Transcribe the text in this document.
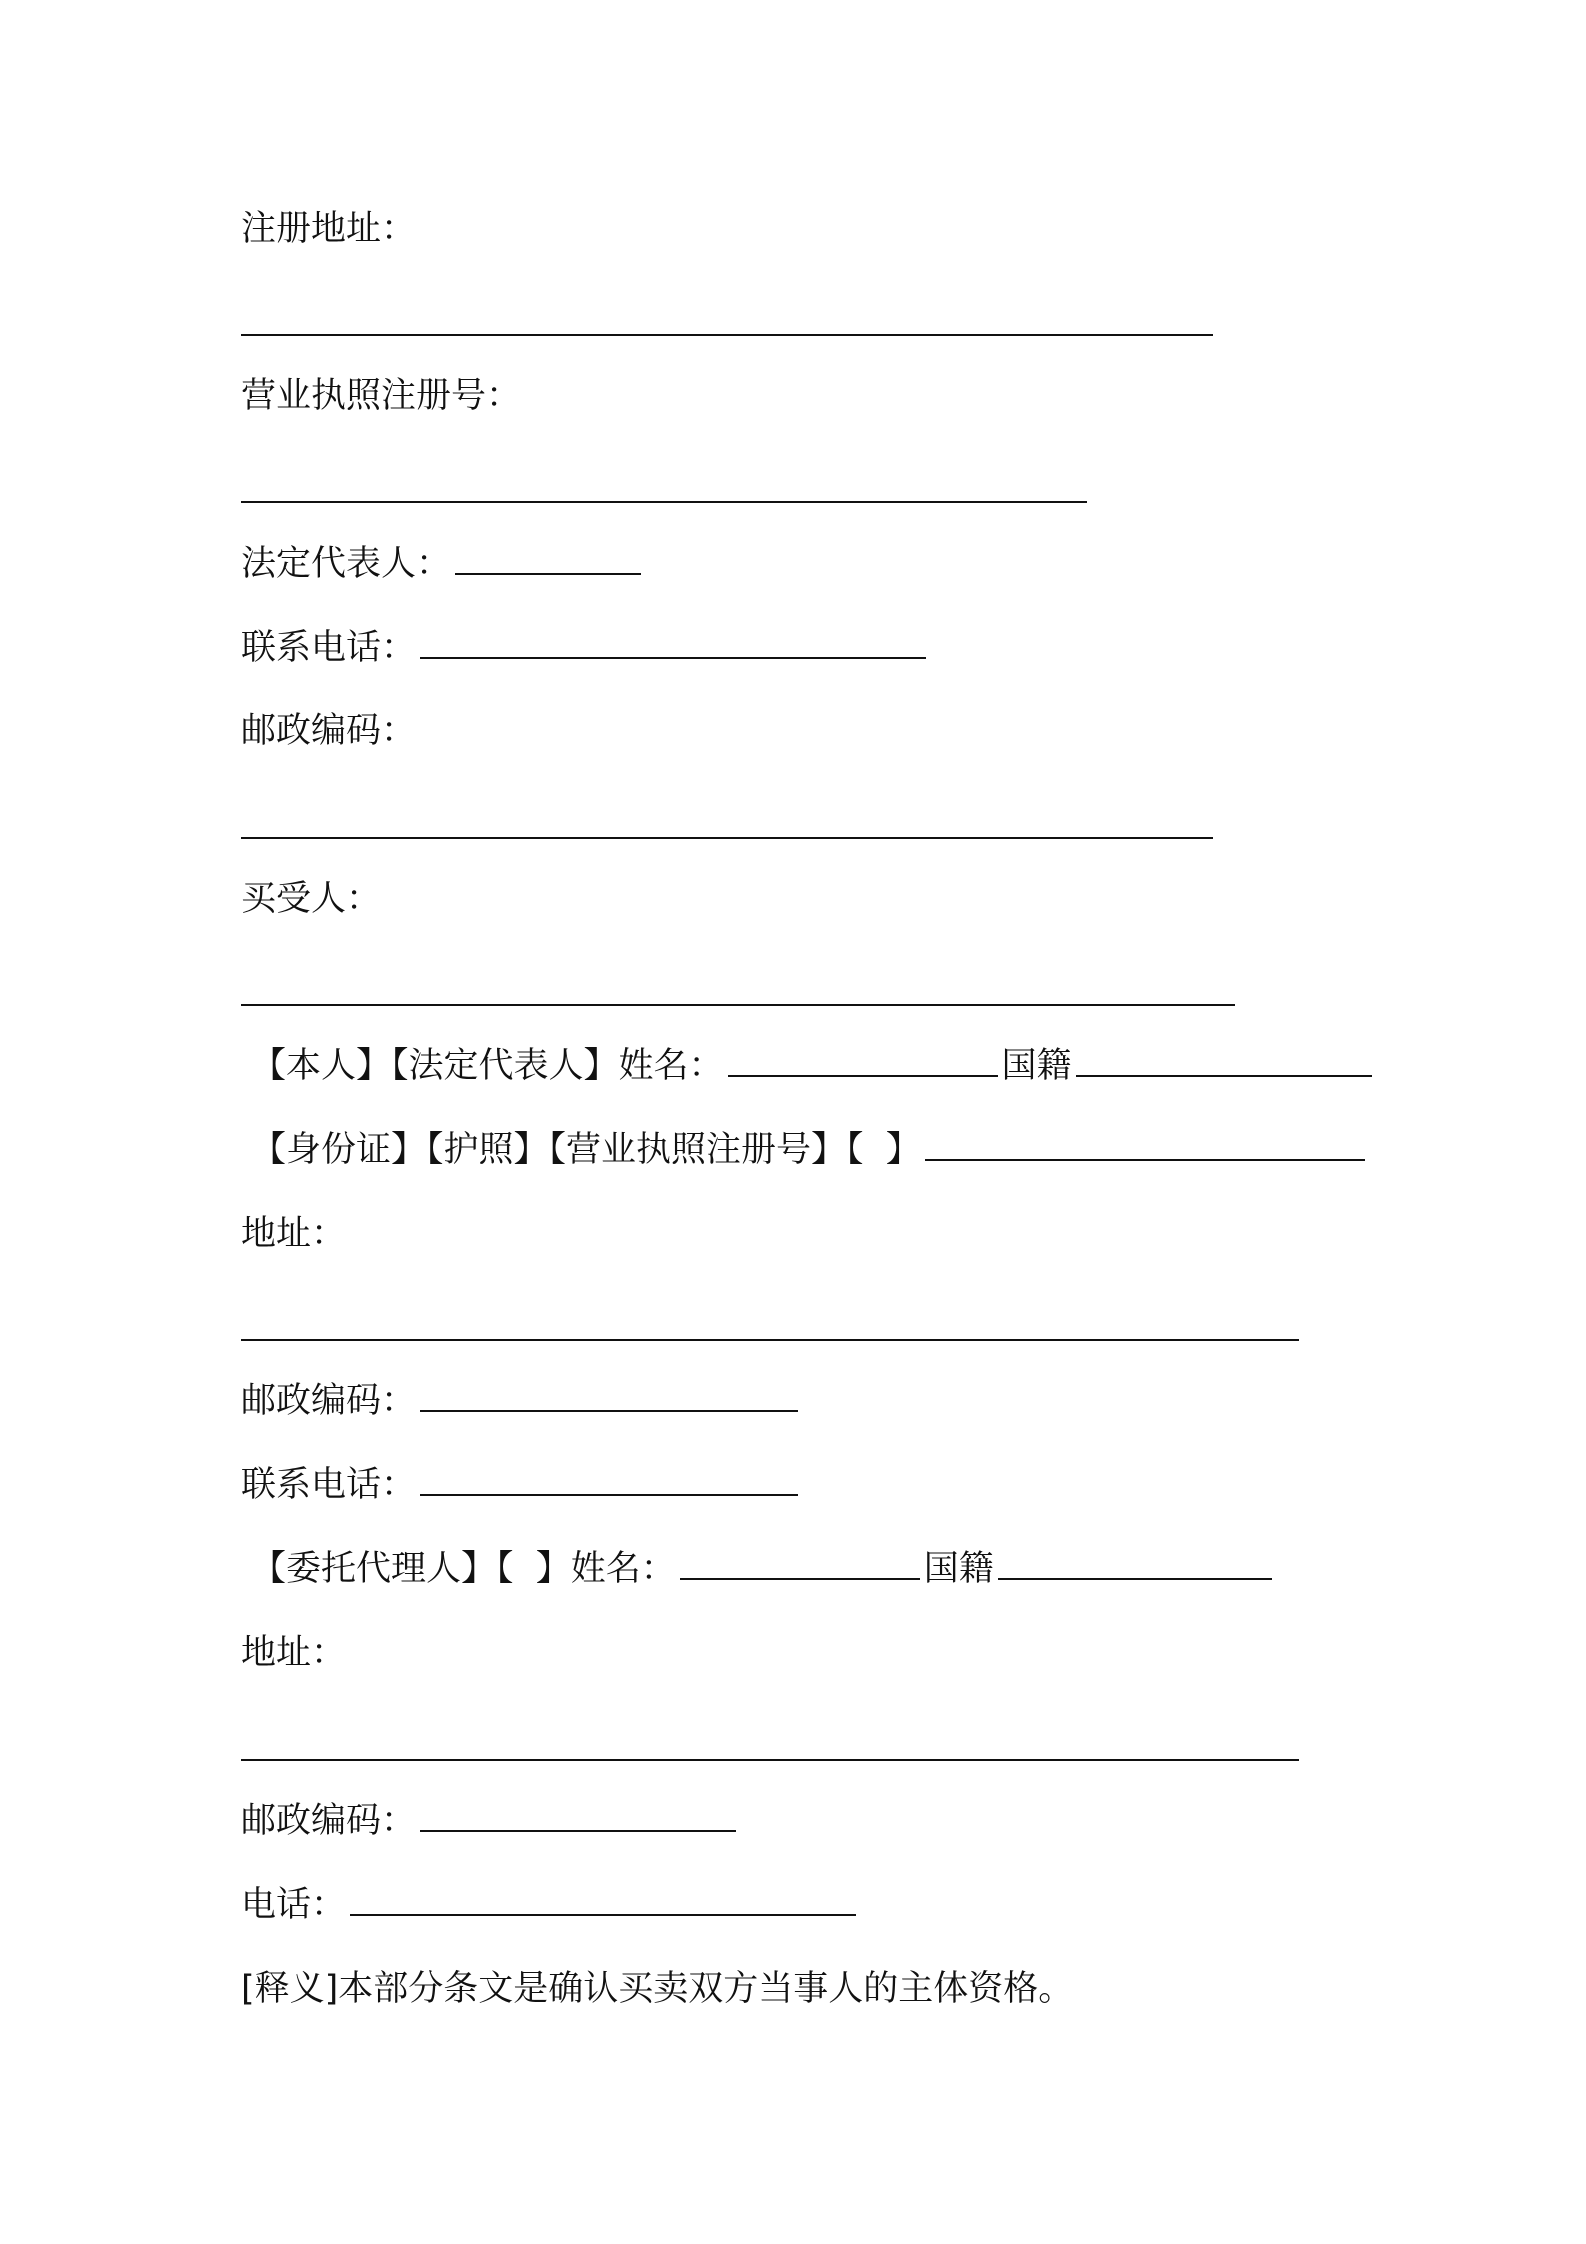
注册地址：
营业执照注册号：
法定代表人：
联系电话：
邮政编码：
买受人：
【本人】【法定代表人】姓名：	国籍
【身份证】【护照】【营业执照注册号】【  】
地址：
邮政编码：
联系电话：
【委托代理人】【  】姓名：	国籍
地址：
邮政编码：
电话：
[释义]本部分条文是确认买卖双方当事人的主体资格。
